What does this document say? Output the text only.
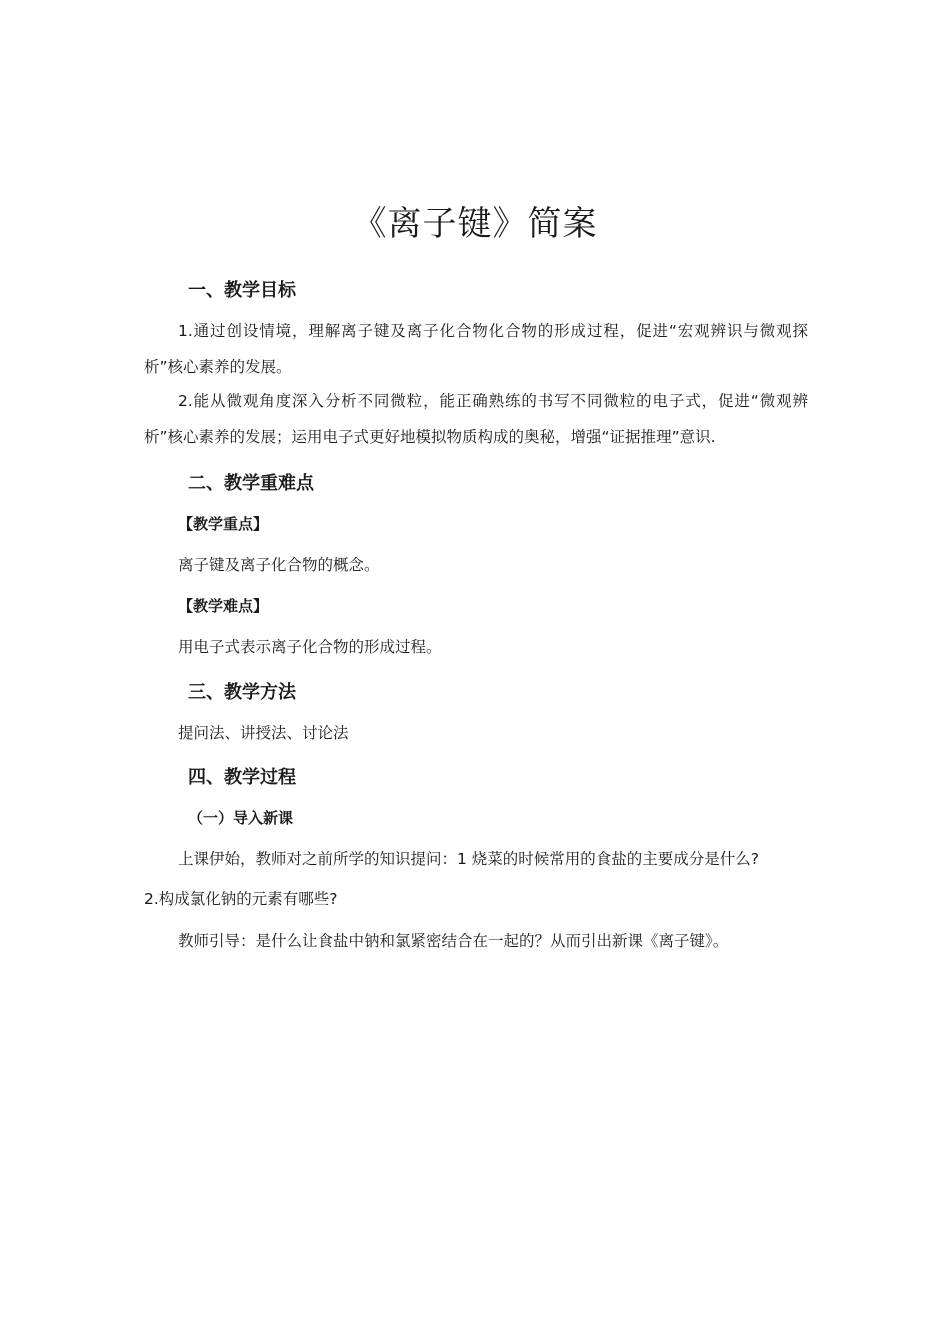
《离子键》简案
一、教学目标
1.通过创设情境，理解离子键及离子化合物化合物的形成过程，促进“宏观辨识与微观探析”核心素养的发展。
2.能从微观角度深入分析不同微粒，能正确熟练的书写不同微粒的电子式，促进“微观辨析”核心素养的发展；运用电子式更好地模拟物质构成的奥秘，增强“证据推理”意识.
二、教学重难点
【教学重点】
离子键及离子化合物的概念。
【教学难点】
用电子式表示离子化合物的形成过程。
三、教学方法
提问法、讲授法、讨论法
四、教学过程
（一）导入新课
上课伊始，教师对之前所学的知识提问：1 烧菜的时候常用的食盐的主要成分是什么?
2.构成氯化钠的元素有哪些?
教师引导：是什么让食盐中钠和氯紧密结合在一起的？从而引出新课《离子键》。
